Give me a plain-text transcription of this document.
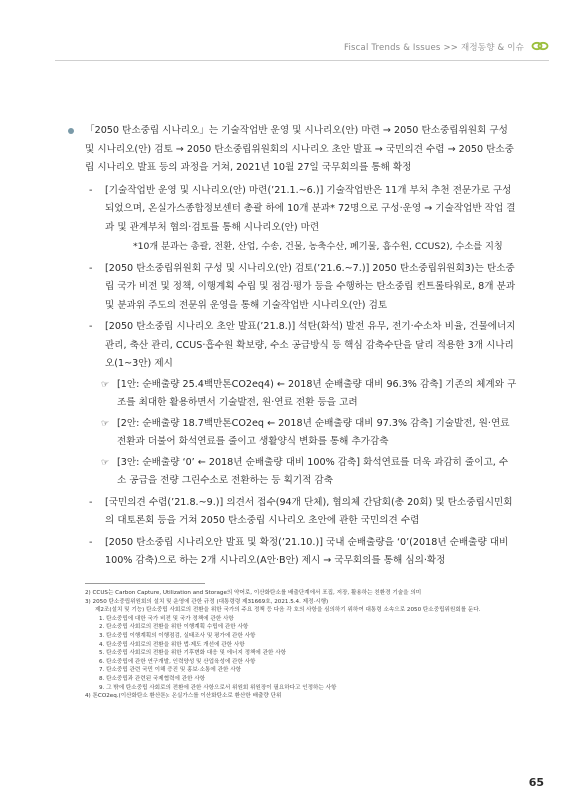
Fiscal Trends & Issues >> 재정동향 & 이슈
「2050 탄소중립 시나리오」는 기술작업반 운영 및 시나리오(안) 마련 → 2050 탄소중립위원회 구성 및 시나리오(안) 검토 → 2050 탄소중립위원회의 시나리오 초안 발표 → 국민의견 수렴 → 2050 탄소중립 시나리오 발표 등의 과정을 거쳐, 2021년 10월 27일 국무회의를 통해 확정
- [기술작업반 운영 및 시나리오(안) 마련(’21.1.~6.)] 기술작업반은 11개 부처 추천 전문가로 구성되었으며, 온실가스종합정보센터 총괄 하에 10개 분과* 72명으로 구성·운영 → 기술작업반 작업 결과 및 관계부처 협의·검토를 통해 시나리오(안) 마련
*10개 분과는 총괄, 전환, 산업, 수송, 건물, 농축수산, 폐기물, 흡수원, CCUS2), 수소를 지칭
- [2050 탄소중립위원회 구성 및 시나리오(안) 검토(’21.6.~7.)] 2050 탄소중립위원회3)는 탄소중립 국가 비전 및 정책, 이행계획 수립 및 점검·평가 등을 수행하는 탄소중립 컨트롤타워로, 8개 분과 및 분과위 주도의 전문위 운영을 통해 기술작업반 시나리오(안) 검토
- [2050 탄소중립 시나리오 초안 발표(’21.8.)] 석탄(화석) 발전 유무, 전기·수소차 비율, 건물에너지 관리, 축산 관리, CCUS·흡수원 확보량, 수소 공급방식 등 핵심 감축수단을 달리 적용한 3개 시나리오(1~3안) 제시
☞ [1안: 순배출량 25.4백만톤CO2eq4) ← 2018년 순배출량 대비 96.3% 감축] 기존의 체계와 구조를 최대한 활용하면서 기술발전, 원·연료 전환 등을 고려
☞ [2안: 순배출량 18.7백만톤CO2eq ← 2018년 순배출량 대비 97.3% 감축] 기술발전, 원·연료 전환과 더불어 화석연료를 줄이고 생활양식 변화를 통해 추가감축
☞ [3안: 순배출량 ‘0’ ← 2018년 순배출량 대비 100% 감축] 화석연료를 더욱 과감히 줄이고, 수소 공급을 전량 그린수소로 전환하는 등 획기적 감축
- [국민의견 수렴(’21.8.~9.)] 의견서 접수(94개 단체), 협의체 간담회(총 20회) 및 탄소중립시민회의 대토론회 등을 거쳐 2050 탄소중립 시나리오 초안에 관한 국민의견 수렴
- [2050 탄소중립 시나리오안 발표 및 확정(’21.10.)] 국내 순배출량을 ‘0’(2018년 순배출량 대비 100% 감축)으로 하는 2개 시나리오(A안·B안) 제시 → 국무회의를 통해 심의·확정
2) CCUS는 Carbon Capture, Utilization and Storage의 약어로, 이산화탄소를 배출단계에서 포집, 저장, 활용하는 친환경 기술을 의미
3) 2050 탄소중립위원회의 설치 및 운영에 관한 규정 (대통령령 제31669호, 2021.5.4. 제정·시행)
제2조(설치 및 기능) 탄소중립 사회로의 전환을 위한 국가의 주요 정책 등 다음 각 호의 사항을 심의하기 위하여 대통령 소속으로 2050 탄소중립위원회를 둔다.
1. 탄소중립에 대한 국가 비전 및 국가 정책에 관한 사항
2. 탄소중립 사회로의 전환을 위한 이행계획 수립에 관한 사항
3. 탄소중립 이행계획의 이행점검, 실태조사 및 평가에 관한 사항
4. 탄소중립 사회로의 전환을 위한 법·제도 개선에 관한 사항
5. 탄소중립 사회로의 전환을 위한 기후변화 대응 및 에너지 정책에 관한 사항
6. 탄소중립에 관한 연구개발, 인력양성 및 산업육성에 관한 사항
7. 탄소중립 관련 국민 이해 증진 및 홍보·소통에 관한 사항
8. 탄소중립과 관련된 국제협력에 관한 사항
9. 그 밖에 탄소중립 사회로의 전환에 관한 사항으로서 위원회 위원장이 필요하다고 인정하는 사항
4) 톤CO2eq.(이산화탄소 환산톤): 온실가스를 이산화탄소로 환산한 배출량 단위
65
